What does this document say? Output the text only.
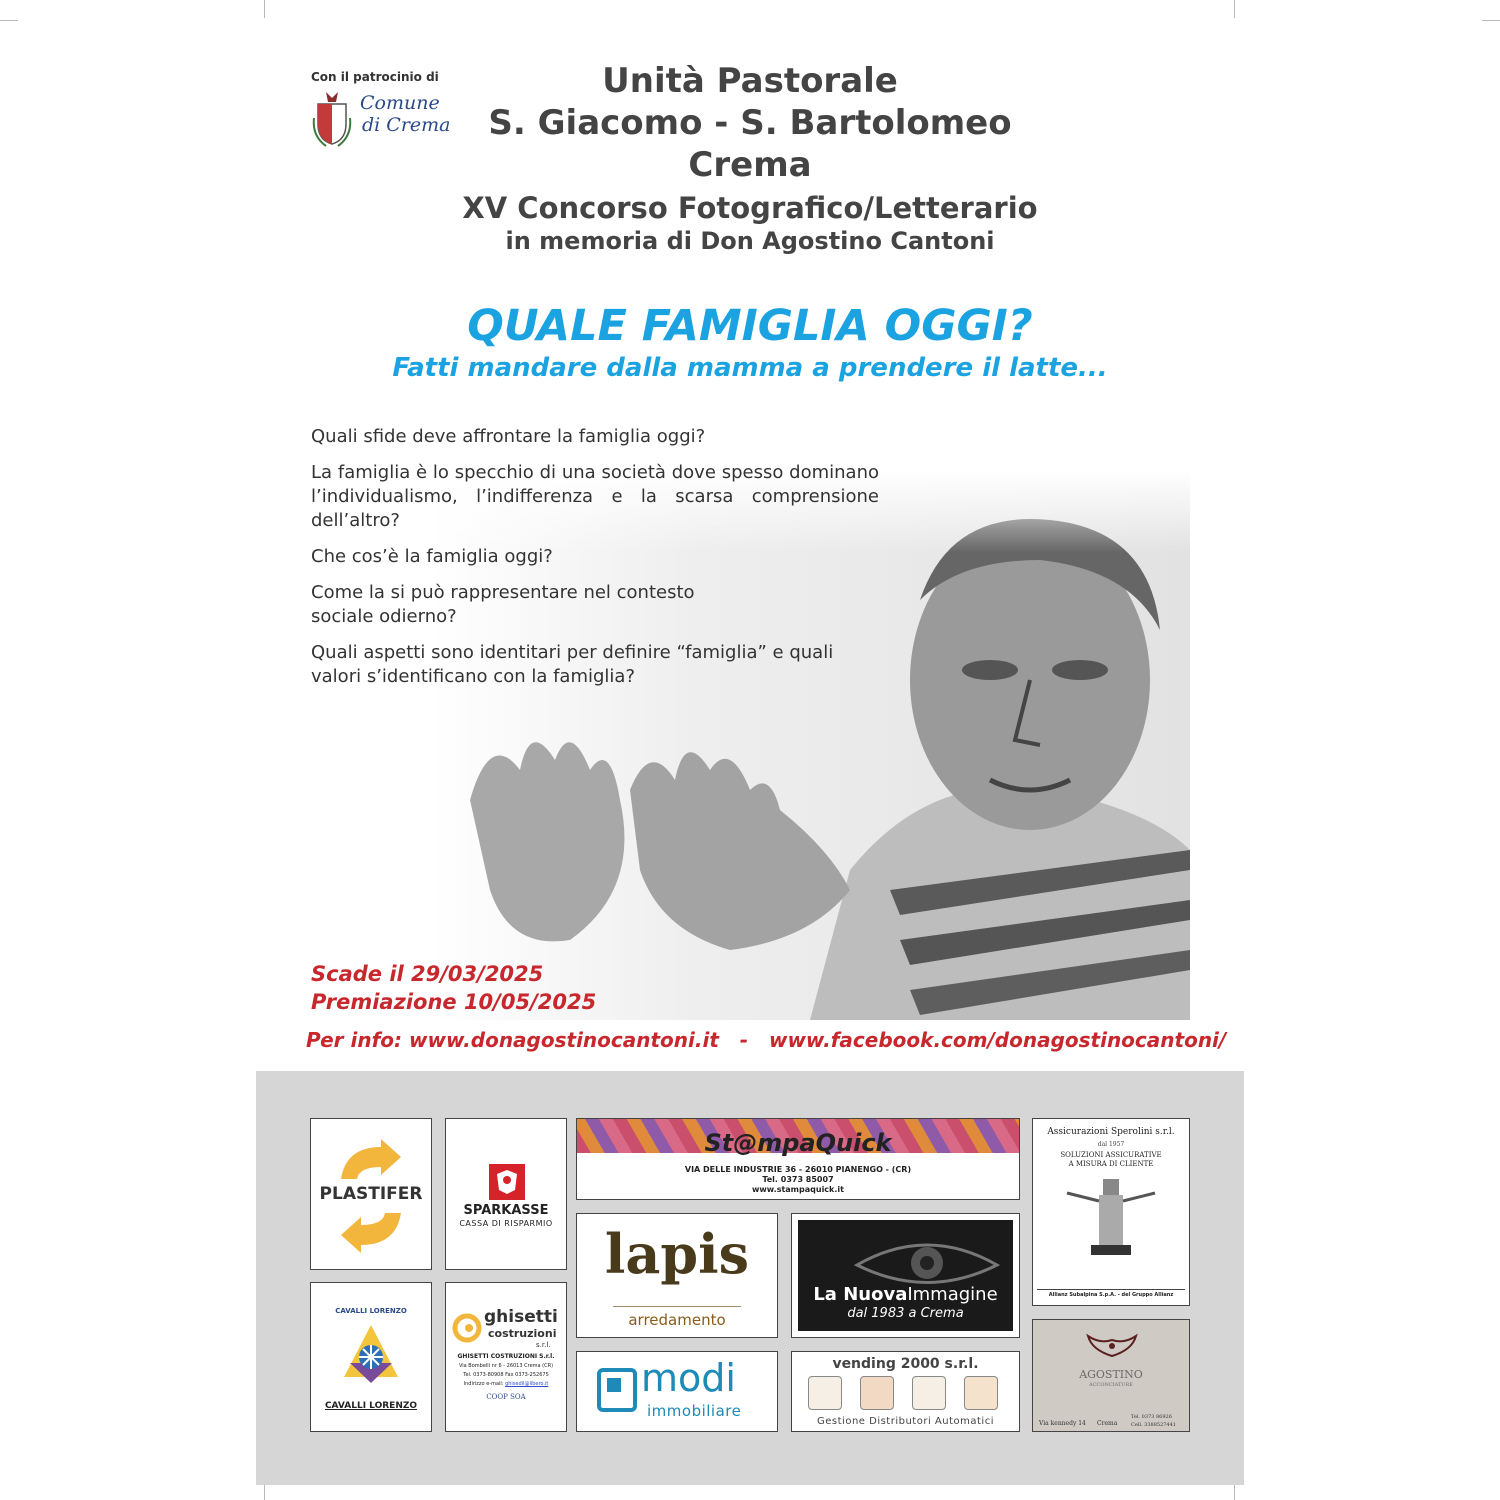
Con il patrocinio di
Comune
di Crema
Unità Pastorale
S. Giacomo - S. Bartolomeo
Crema
XV Concorso Fotografico/Letterario
in memoria di Don Agostino Cantoni
QUALE FAMIGLIA OGGI?
Fatti mandare dalla mamma a prendere il latte...

Quali sfide deve affrontare la famiglia oggi?

La famiglia è lo specchio di una società dove spesso dominano l’individualismo, l’indifferenza e la scarsa comprensione dell’altro?

Che cos’è la famiglia oggi?

Come la si può rappresentare nel contesto sociale odierno?

Quali aspetti sono identitari per definire “famiglia” e quali valori s’identificano con la famiglia?

Scade il 29/03/2025
Premiazione 10/05/2025
Per info: www.donagostinocantoni.it   -   www.facebook.com/donagostinocantoni/
PLASTIFER
SPARKASSE
CASSA DI RISPARMIO
St@mpaQuick
VIA DELLE INDUSTRIE 36 - 26010 PIANENGO - (CR)
Tel. 0373 85007
www.stampaquick.it
Assicurazioni Sperolini s.r.l.
dal 1957
SOLUZIONI ASSICURATIVE
A MISURA DI CLIENTE
Allianz Subalpina S.p.A. - del Gruppo Allianz
lapis
arredamento
La NuovaImmagine
dal 1983 a Crema
AGOSTINO
ACCONCIATURE
Via kennedy 14 Crema
Tel. 0373 86926
Cell. 3388527441
CAVALLI LORENZO
CAVALLI LORENZO
ghisetti
costruzioni
s.r.l.
GHISETTI COSTRUZIONI S.r.l.
Via Bombelli nr 6 - 26013 Crema (CR)
Tel. 0373-80908 Fax 0373-252675
Indirizzo e-mail: ghisedil@libero.it
COOP SOA	modi
immobiliare
vending 2000 s.r.l.
Gestione Distributori Automatici
